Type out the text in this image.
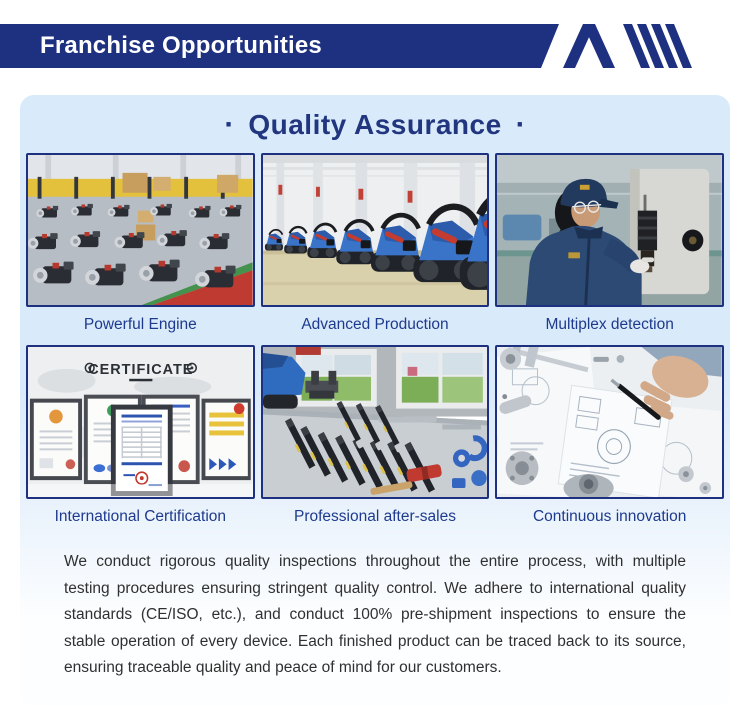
Franchise Opportunities
· Quality Assurance ·
Powerful Engine	Advanced Production	Multiplex detection
CERTIFICATE
International Certification	Professional after-sales	Continuous innovation

We conduct rigorous quality inspections throughout the entire process, with multiple testing procedures ensuring stringent quality control. We adhere to international quality standards (CE/ISO, etc.), and conduct 100% pre-shipment inspections to ensure the stable operation of every device. Each finished product can be traced back to its source, ensuring traceable quality and peace of mind for our customers.
